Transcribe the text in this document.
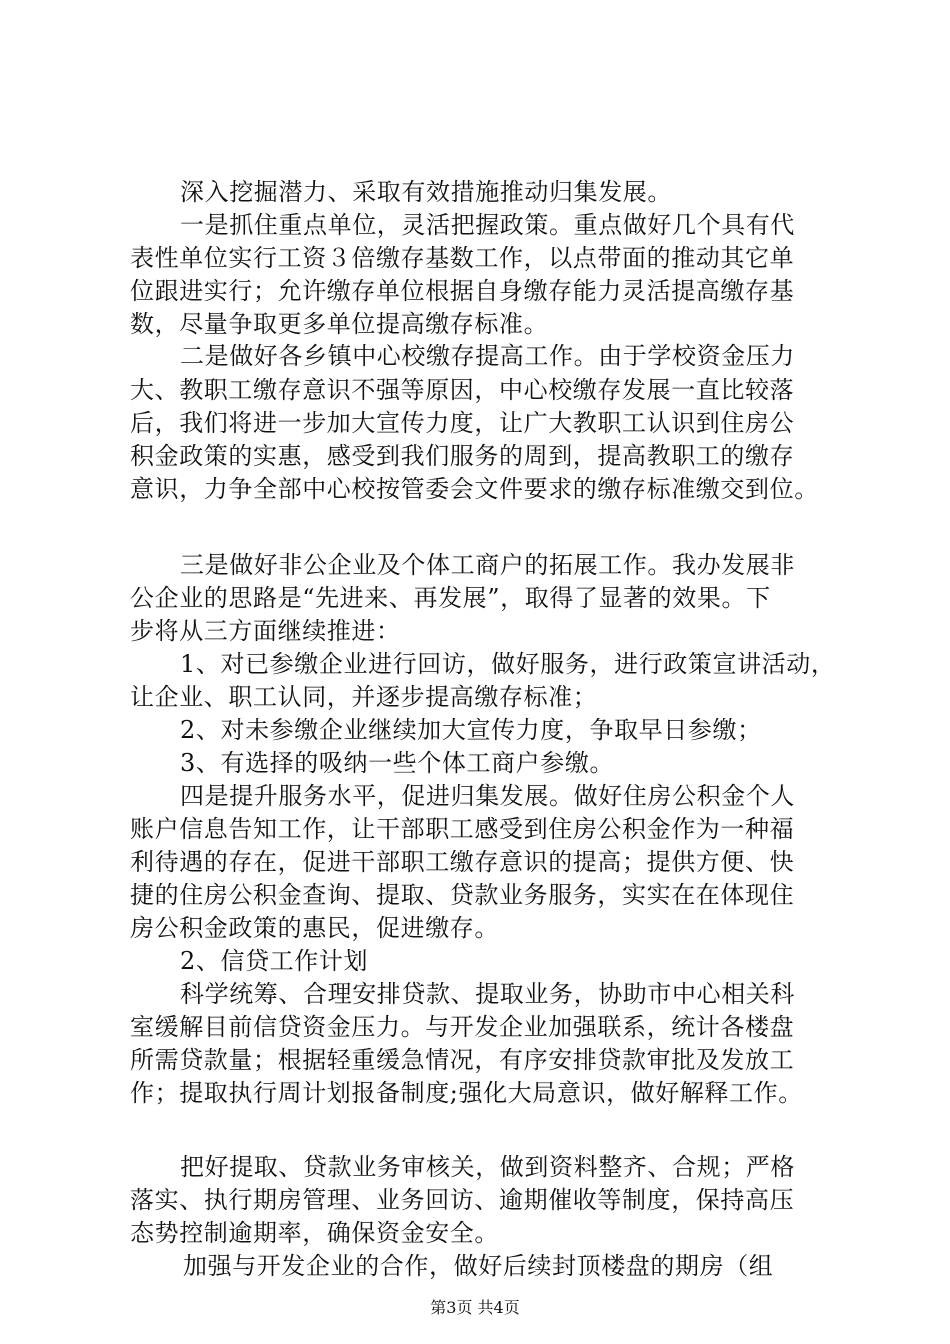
深入挖掘潜力、采取有效措施推动归集发展。
一是抓住重点单位，灵活把握政策。重点做好几个具有代
表性单位实行工资３倍缴存基数工作，以点带面的推动其它单
位跟进实行；允许缴存单位根据自身缴存能力灵活提高缴存基
数，尽量争取更多单位提高缴存标准。
二是做好各乡镇中心校缴存提高工作。由于学校资金压力
大、教职工缴存意识不强等原因，中心校缴存发展一直比较落
后，我们将进一步加大宣传力度，让广大教职工认识到住房公
积金政策的实惠，感受到我们服务的周到，提高教职工的缴存
意识，力争全部中心校按管委会文件要求的缴存标准缴交到位。
三是做好非公企业及个体工商户的拓展工作。我办发展非
公企业的思路是“先进来、再发展”，取得了显著的效果。下
步将从三方面继续推进：
1、对已参缴企业进行回访，做好服务，进行政策宣讲活动，
让企业、职工认同，并逐步提高缴存标准；
2、对未参缴企业继续加大宣传力度，争取早日参缴；
3、有选择的吸纳一些个体工商户参缴。
四是提升服务水平，促进归集发展。做好住房公积金个人
账户信息告知工作，让干部职工感受到住房公积金作为一种福
利待遇的存在，促进干部职工缴存意识的提高；提供方便、快
捷的住房公积金查询、提取、贷款业务服务，实实在在体现住
房公积金政策的惠民，促进缴存。
2、信贷工作计划
科学统筹、合理安排贷款、提取业务，协助市中心相关科
室缓解目前信贷资金压力。与开发企业加强联系，统计各楼盘
所需贷款量；根据轻重缓急情况，有序安排贷款审批及发放工
作；提取执行周计划报备制度;强化大局意识，做好解释工作。
把好提取、贷款业务审核关，做到资料整齐、合规；严格
落实、执行期房管理、业务回访、逾期催收等制度，保持高压
态势控制逾期率，确保资金安全。
加强与开发企业的合作，做好后续封顶楼盘的期房（组
第3页 共4页
